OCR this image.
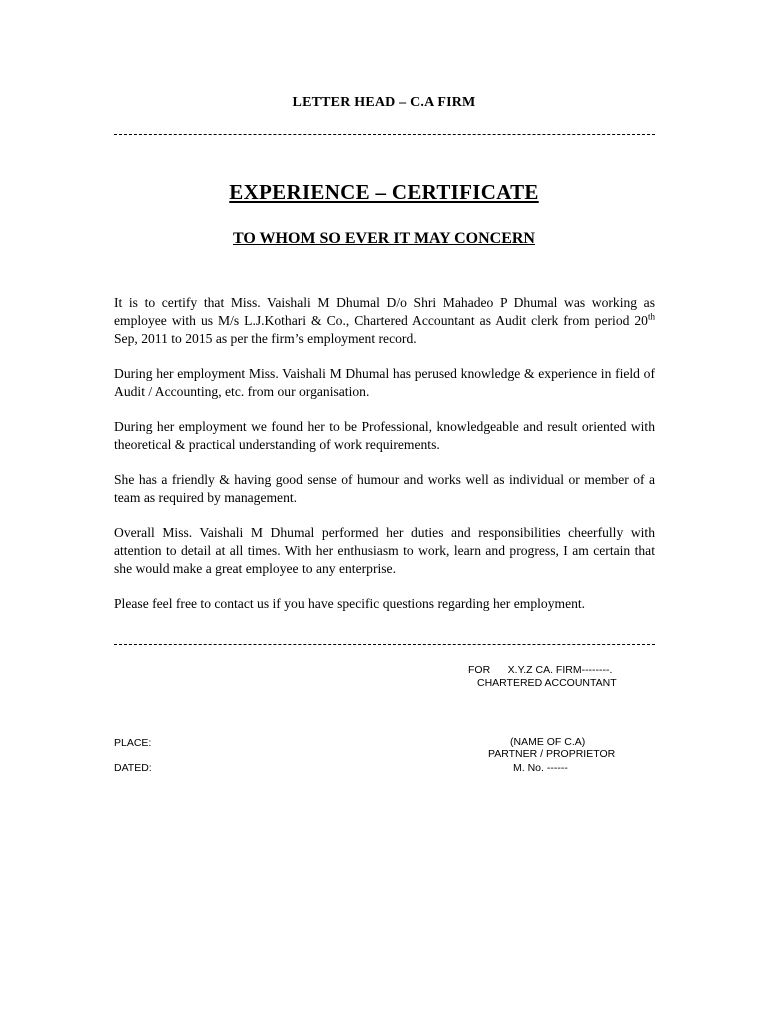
LETTER HEAD – C.A FIRM
EXPERIENCE – CERTIFICATE
TO WHOM SO EVER IT MAY CONCERN

It is to certify that Miss. Vaishali M Dhumal D/o Shri Mahadeo P Dhumal was working as employee with us M/s L.J.Kothari & Co., Chartered Accountant as Audit clerk from period 20th Sep, 2011 to 2015 as per the firm’s employment record.

During her employment Miss. Vaishali M Dhumal has perused knowledge & experience in field of Audit / Accounting, etc. from our organisation.

During her employment we found her to be Professional, knowledgeable and result oriented with theoretical & practical understanding of work requirements.

She has a friendly & having good sense of humour and works well as individual or member of a team as required by management.

Overall Miss. Vaishali M Dhumal performed her duties and responsibilities cheerfully with attention to detail at all times. With her enthusiasm to work, learn and progress, I am certain that she would make a great employee to any enterprise.

Please feel free to contact us if you have specific questions regarding her employment.

FOR      X.Y.Z CA. FIRM--------.
CHARTERED ACCOUNTANT
PLACE:	(NAME OF C.A)
PARTNER / PROPRIETOR
DATED:	M. No. ------
